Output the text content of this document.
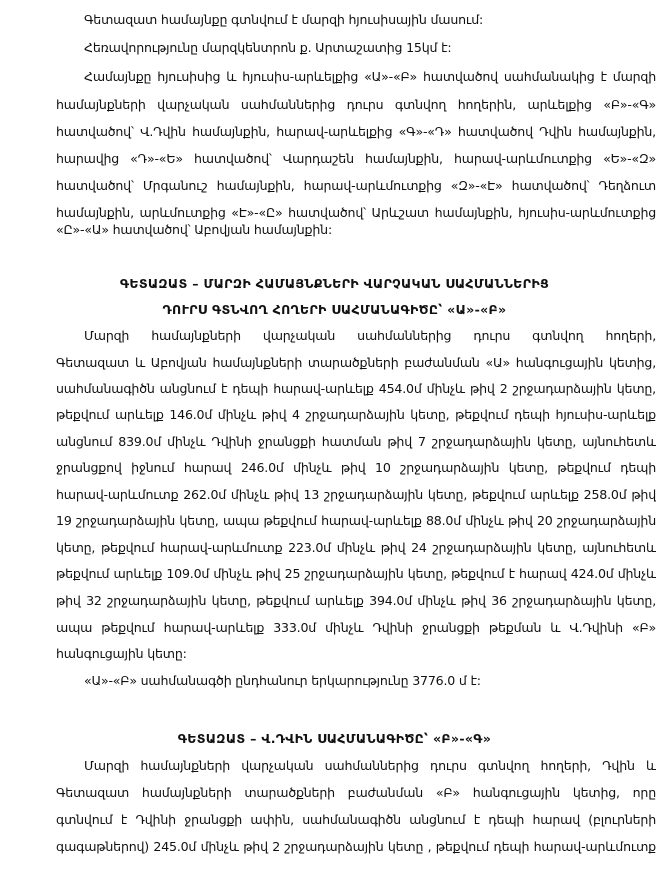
Գետազատ համայնքը գտնվում է մարզի հյուսիսային մասում:
Հեռավորությունը մարզկենտրոն ք. Արտաշատից 15կմ է:
Համայնքը հյուսիսից և հյուսիս-արևելքից «Ա»-«Բ» հատվածով սահմանակից է մարզի
համայնքների վարչական սահմաններից դուրս գտնվող հողերին, արևելքից «Բ»-«Գ»
հատվածով՝ Վ.Դվին համայնքին, հարավ-արևելքից «Գ»-«Դ» հատվածով Դվին համայնքին,
հարավից «Դ»-«Ե» հատվածով՝ Վարդաշեն համայնքին, հարավ-արևմուտքից «Ե»-«Զ»
հատվածով՝ Մրգանուշ համայնքին, հարավ-արևմուտքից «Զ»-«Է» հատվածով՝ Դեղձուտ
համայնքին, արևմուտքից «Է»-«Ը» հատվածով՝ Արևշատ համայնքին, հյուսիս-արևմուտքից
«Ը»-«Ա» հատվածով՝ Աբովյան համայնքին:
ԳԵՏԱԶԱՏ – ՄԱՐԶԻ ՀԱՄԱՅՆՔՆԵՐԻ ՎԱՐՉԱԿԱՆ ՍԱՀՄԱՆՆԵՐԻՑ
ԴՈՒՐՍ ԳՏՆՎՈՂ ՀՈՂԵՐԻ ՍԱՀՄԱՆԱԳԻԾԸ՝ «Ա»-«Բ»
Մարզի համայնքների վարչական սահմաններից դուրս գտնվող հողերի,
Գետազատ և Աբովյան համայնքների տարածքների բաժանման «Ա» հանգուցային կետից,
սահմանագիծն անցնում է դեպի հարավ-արևելք 454.0մ մինչև թիվ 2 շրջադարձային կետը,
թեքվում արևելք 146.0մ մինչև թիվ 4 շրջադարձային կետը, թեքվում դեպի հյուսիս-արևելք
անցնում 839.0մ մինչև Դվինի ջրանցքի հատման թիվ 7 շրջադարձային կետը, այնուհետև
ջրանցքով իջնում հարավ 246.0մ մինչև թիվ 10 շրջադարձային կետը, թեքվում դեպի
հարավ-արևմուտք 262.0մ մինչև թիվ 13 շրջադարձային կետը, թեքվում արևելք 258.0մ թիվ
19 շրջադարձային կետը, ապա թեքվում հարավ-արևելք 88.0մ մինչև թիվ 20 շրջադարձային
կետը, թեքվում հարավ-արևմուտք 223.0մ մինչև թիվ 24 շրջադարձային կետը, այնուհետև
թեքվում արևելք 109.0մ մինչև թիվ 25 շրջադարձային կետը, թեքվում է հարավ 424.0մ մինչև
թիվ 32 շրջադարձային կետը, թեքվում արևելք 394.0մ մինչև թիվ 36 շրջադարձային կետը,
ապա թեքվում հարավ-արևելք 333.0մ մինչև Դվինի ջրանցքի թեքման և Վ.Դվինի «Բ»
հանգուցային կետը:
«Ա»-«Բ» սահմանագծի ընդհանուր երկարությունը 3776.0 մ է:
ԳԵՏԱԶԱՏ – Վ.ԴՎԻՆ ՍԱՀՄԱՆԱԳԻԾԸ՝ «Բ»-«Գ»
Մարզի համայնքների վարչական սահմաններից դուրս գտնվող հողերի, Դվին և
Գետազատ համայնքների տարածքների բաժանման «Բ» հանգուցային կետից, որը
գտնվում է Դվինի ջրանցքի ափին, սահմանագիծն անցնում է դեպի հարավ (բլուրների
գագաթներով) 245.0մ մինչև թիվ 2 շրջադարձային կետը , թեքվում դեպի հարավ-արևմուտք
